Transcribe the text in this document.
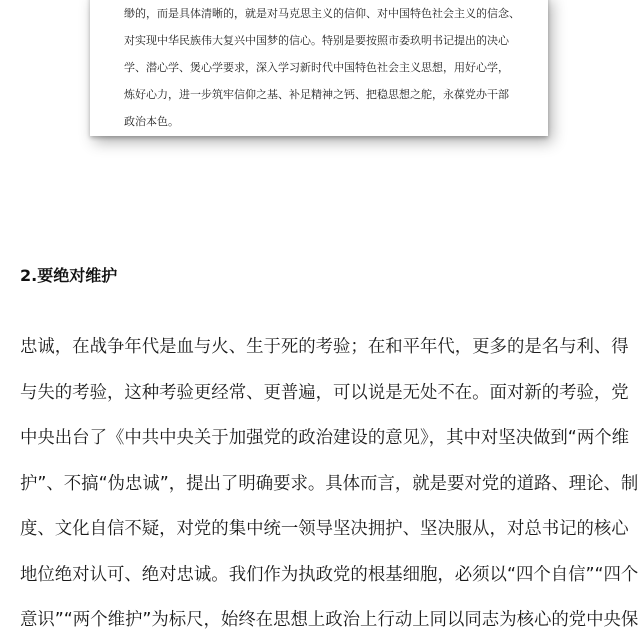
缈的，而是具体清晰的，就是对马克思主义的信仰、对中国特色社会主义的信念、
对实现中华民族伟大复兴中国梦的信心。特别是要按照市委玖明书记提出的决心
学、潜心学、煲心学要求，深入学习新时代中国特色社会主义思想，用好心学，
炼好心力，进一步筑牢信仰之基、补足精神之钙、把稳思想之舵，永葆党办干部
政治本色。
2.要绝对维护
忠诚，在战争年代是血与火、生于死的考验；在和平年代，更多的是名与利、得
与失的考验，这种考验更经常、更普遍，可以说是无处不在。面对新的考验，党
中央出台了《中共中央关于加强党的政治建设的意见》，其中对坚决做到“两个维
护”、不搞“伪忠诚”，提出了明确要求。具体而言，就是要对党的道路、理论、制
度、文化自信不疑，对党的集中统一领导坚决拥护、坚决服从，对总书记的核心
地位绝对认可、绝对忠诚。我们作为执政党的根基细胞，必须以“四个自信”“四个
意识”“两个维护”为标尺，始终在思想上政治上行动上同以同志为核心的党中央保
